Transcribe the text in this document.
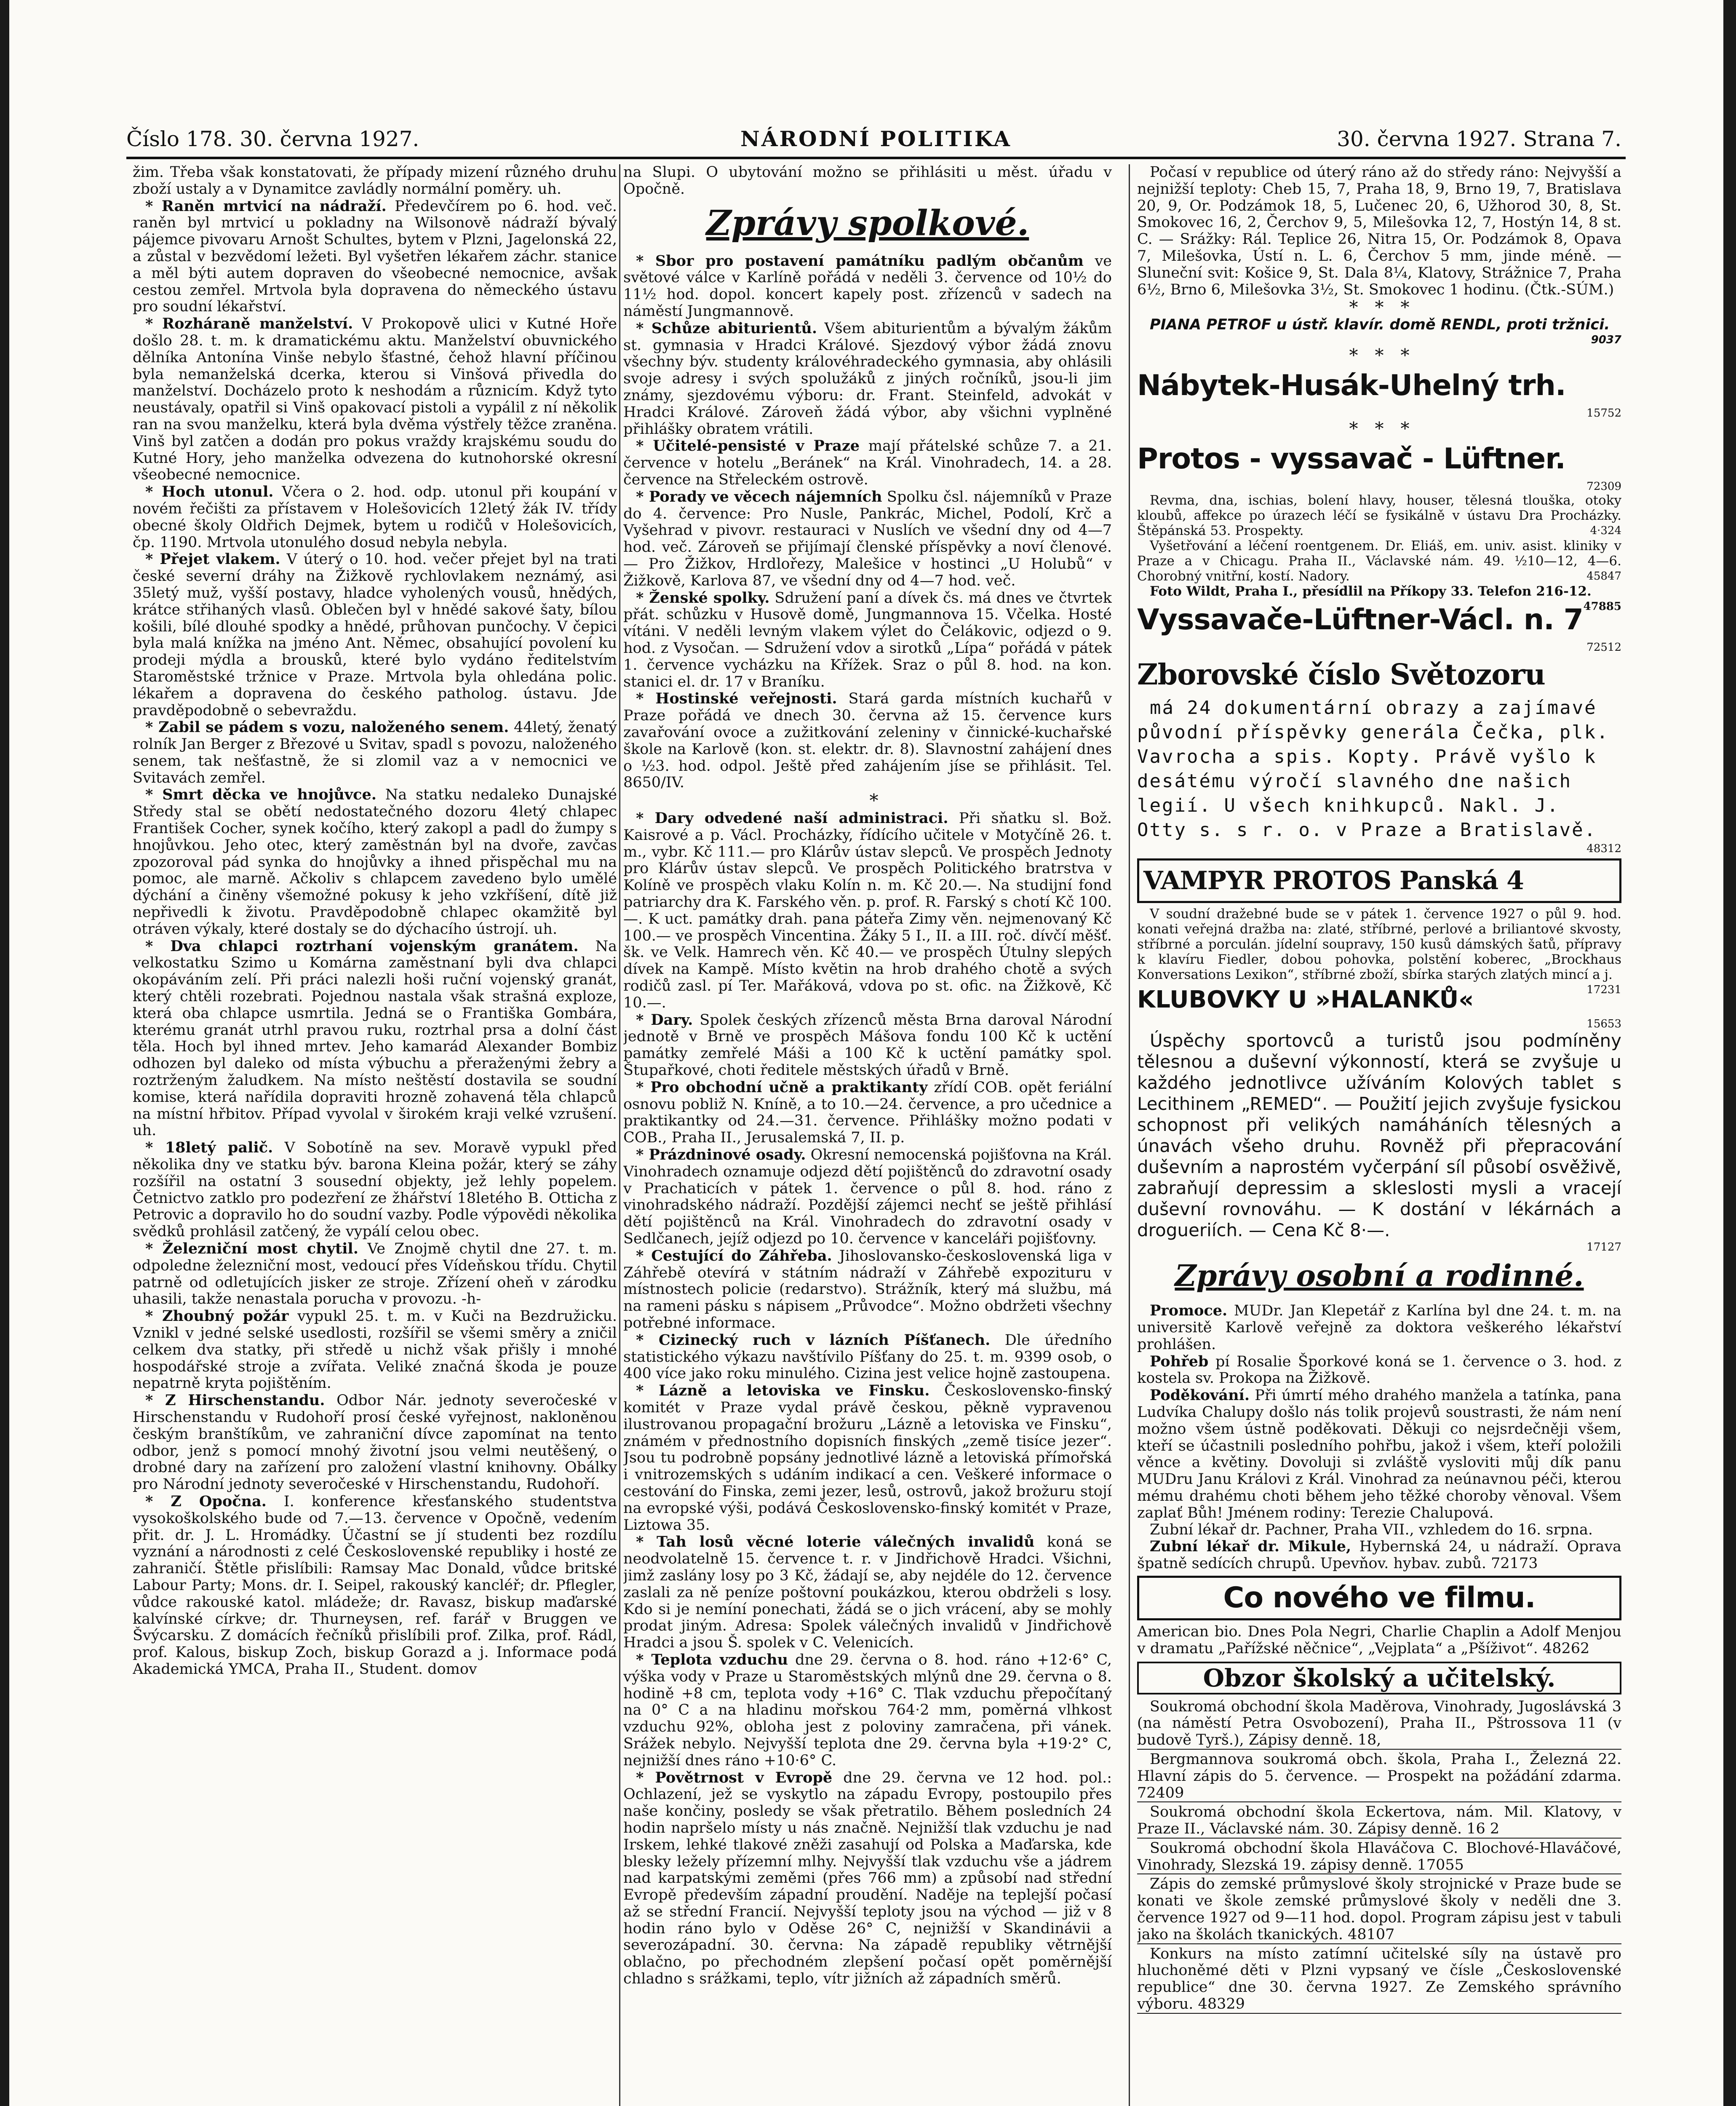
Číslo 178. 30. června 1927.	NÁRODNÍ POLITIKA	30. června 1927. Strana 7.

žim. Třeba však konstatovati, že případy mizení různého druhu zboží ustaly a v Dynamitce zavládly normální poměry. uh.

* Raněn mrtvicí na nádraží. Předevčírem po 6. hod. več. raněn byl mrtvicí u pokladny na Wilsonově nádraží bývalý pájemce pivovaru Arnošt Schultes, bytem v Plzni, Jagelonská 22, a zůstal v bezvědomí ležeti. Byl vyšetřen lékařem záchr. stanice a měl býti autem dopraven do všeobecné nemocnice, avšak cestou zemřel. Mrtvola byla dopravena do německého ústavu pro soudní lékařství.

* Rozháraně manželství. V Prokopově ulici v Kutné Hoře došlo 28. t. m. k dramatickému aktu. Manželství obuvnického dělníka Antonína Vinše nebylo šťastné, čehož hlavní příčinou byla nemanželská dcerka, kterou si Vinšová přivedla do manželství. Docházelo proto k neshodám a různicím. Když tyto neustávaly, opatřil si Vinš opakovací pistoli a vypálil z ní několik ran na svou manželku, která byla dvěma výstřely těžce zraněna. Vinš byl zatčen a dodán pro pokus vraždy krajskému soudu do Kutné Hory, jeho manželka odvezena do kutnohorské okresní všeobecné nemocnice.

* Hoch utonul. Včera o 2. hod. odp. utonul při koupání v novém řečišti za přístavem v Holešovicích 12letý žák IV. třídy obecné školy Oldřich Dejmek, bytem u rodičů v Holešovicích, čp. 1190. Mrtvola utonulého dosud nebyla nebyla.

* Přejet vlakem. V úterý o 10. hod. večer přejet byl na trati české severní dráhy na Žižkově rychlovlakem neznámý, asi 35letý muž, vyšší postavy, hladce vyholených vousů, hnědých, krátce střihaných vlasů. Oblečen byl v hnědé sakové šaty, bílou košili, bílé dlouhé spodky a hnědé, průhovan punčochy. V čepici byla malá knížka na jméno Ant. Němec, obsahující povolení ku prodeji mýdla a brousků, které bylo vydáno ředitelstvím Staroměstské tržnice v Praze. Mrtvola byla ohledána polic. lékařem a dopravena do českého patholog. ústavu. Jde pravděpodobně o sebevraždu.

* Zabil se pádem s vozu, naloženého senem. 44letý, ženatý rolník Jan Berger z Březové u Svitav, spadl s povozu, naloženého senem, tak nešťastně, že si zlomil vaz a v nemocnici ve Svitavách zemřel.

* Smrt děcka ve hnojůvce. Na statku nedaleko Dunajské Středy stal se obětí nedostatečného dozoru 4letý chlapec František Cocher, synek kočího, který zakopl a padl do žumpy s hnojůvkou. Jeho otec, který zaměstnán byl na dvoře, zavčas zpozoroval pád synka do hnojůvky a ihned přispěchal mu na pomoc, ale marně. Ačkoliv s chlapcem zavedeno bylo umělé dýchání a činěny všemožné pokusy k jeho vzkříšení, dítě již nepřivedli k životu. Pravděpodobně chlapec okamžitě byl otráven výkaly, které dostaly se do dýchacího ústrojí. uh.

* Dva chlapci roztrhaní vojenským granátem. Na velkostatku Szimo u Komárna zaměstnaní byli dva chlapci okopáváním zelí. Při práci nalezli hoši ruční vojenský granát, který chtěli rozebrati. Pojednou nastala však strašná exploze, která oba chlapce usmrtila. Jedná se o Františka Gombára, kterému granát utrhl pravou ruku, roztrhal prsa a dolní část těla. Hoch byl ihned mrtev. Jeho kamarád Alexander Bombiz odhozen byl daleko od místa výbuchu a přeraženými žebry a roztrženým žaludkem. Na místo neštěstí dostavila se soudní komise, která nařídila dopraviti hrozně zohavená těla chlapců na místní hřbitov. Případ vyvolal v širokém kraji velké vzrušení. uh.

* 18letý palič. V Sobotíně na sev. Moravě vypukl před několika dny ve statku býv. barona Kleina požár, který se záhy rozšířil na ostatní 3 sousední objekty, jež lehly popelem. Četnictvo zatklo pro podezření ze žhářství 18letého B. Otticha z Petrovic a dopravilo ho do soudní vazby. Podle výpovědi několika svědků prohlásil zatčený, že vypálí celou obec.

* Železniční most chytil. Ve Znojmě chytil dne 27. t. m. odpoledne železniční most, vedoucí přes Vídeňskou třídu. Chytil patrně od odletujících jisker ze stroje. Zřízení oheň v zárodku uhasili, takže nenastala porucha v provozu. -h-

* Zhoubný požár vypukl 25. t. m. v Kuči na Bezdružicku. Vznikl v jedné selské usedlosti, rozšířil se všemi směry a zničil celkem dva statky, při středě u nichž však přišly i mnohé hospodářské stroje a zvířata. Veliké značná škoda je pouze nepatrně kryta pojištěním.

* Z Hirschenstandu. Odbor Nár. jednoty severočeské v Hirschenstandu v Rudohoří prosí české vyřejnost, nakloněnou českým branštíkům, ve zahraniční dívce zapomínat na tento odbor, jenž s pomocí mnohý životní jsou velmi neutěšený, o drobné dary na zařízení pro založení vlastní knihovny. Obálky pro Národní jednoty severočeské v Hirschenstandu, Rudohoří.

* Z Opočna. I. konference křesťanského studentstva vysokoškolského bude od 7.—13. července v Opočně, vedením přit. dr. J. L. Hromádky. Účastní se jí studenti bez rozdílu vyznání a národnosti z celé Československé republiky i hosté ze zahraničí. Štětle přislíbili: Ramsay Mac Donald, vůdce britské Labour Party; Mons. dr. I. Seipel, rakouský kancléř; dr. Pflegler, vůdce rakouské katol. mládeže; dr. Ravasz, biskup maďarské kalvínské církve; dr. Thurneysen, ref. farář v Bruggen ve Švýcarsku. Z domácích řečníků přislíbili prof. Zilka, prof. Rádl, prof. Kalous, biskup Zoch, biskup Gorazd a j. Informace podá Akademická YMCA, Praha II., Student. domov

na Slupi. O ubytování možno se přihlásiti u měst. úřadu v Opočně.

Zprávy spolkové.

* Sbor pro postavení památníku padlým občanům ve světové válce v Karlíně pořádá v neděli 3. července od 10½ do 11½ hod. dopol. koncert kapely post. zřízenců v sadech na náměstí Jungmannově.

* Schůze abiturientů. Všem abiturientům a bývalým žákům st. gymnasia v Hradci Králové. Sjezdový výbor žádá znovu všechny býv. studenty královéhradeckého gymnasia, aby ohlásili svoje adresy i svých spolužáků z jiných ročníků, jsou-li jim známy, sjezdovému výboru: dr. Frant. Steinfeld, advokát v Hradci Králové. Zároveň žádá výbor, aby všichni vyplněné přihlášky obratem vrátili.

* Učitelé-pensisté v Praze mají přátelské schůze 7. a 21. července v hotelu „Beránek“ na Král. Vinohradech, 14. a 28. července na Střeleckém ostrově.

* Porady ve věcech nájemních Spolku čsl. nájemníků v Praze do 4. července: Pro Nusle, Pankrác, Michel, Podolí, Krč a Vyšehrad v pivovr. restauraci v Nuslích ve všední dny od 4—7 hod. več. Zároveň se přijímají členské příspěvky a noví členové. — Pro Žižkov, Hrdlořezy, Malešice v hostinci „U Holubů“ v Žižkově, Karlova 87, ve všední dny od 4—7 hod. več.

* Ženské spolky. Sdružení paní a dívek čs. má dnes ve čtvrtek přát. schůzku v Husově domě, Jungmannova 15. Včelka. Hosté vítáni. V neděli levným vlakem výlet do Čelákovic, odjezd o 9. hod. z Vysočan. — Sdružení vdov a sirotků „Lípa“ pořádá v pátek 1. července vycházku na Křížek. Sraz o půl 8. hod. na kon. stanici el. dr. 17 v Braníku.

* Hostinské veřejnosti. Stará garda místních kuchařů v Praze pořádá ve dnech 30. června až 15. července kurs zavařování ovoce a zužitkování zeleniny v činnické-kuchařské škole na Karlově (kon. st. elektr. dr. 8). Slavnostní zahájení dnes o ½3. hod. odpol. Ještě před zahájením jíse se přihlásit. Tel. 8650/IV.

*

* Dary odvedené naší administraci. Při sňatku sl. Bož. Kaisrové a p. Václ. Procházky, řídícího učitele v Motyčíně 26. t. m., vybr. Kč 111.— pro Klárův ústav slepců. Ve prospěch Jednoty pro Klárův ústav slepců. Ve prospěch Politického bratrstva v Kolíně ve prospěch vlaku Kolín n. m. Kč 20.—. Na studijní fond patriarchy dra K. Farského věn. p. prof. R. Farský s chotí Kč 100.—. K uct. památky drah. pana páteřa Zimy věn. nejmenovaný Kč 100.— ve prospěch Vincentina. Žáky 5 I., II. a III. roč. dívčí měšť. šk. ve Velk. Hamrech věn. Kč 40.— ve prospěch Útulny slepých dívek na Kampě. Místo květin na hrob drahého chotě a svých rodičů zasl. pí Ter. Mařáková, vdova po st. ofic. na Žižkově, Kč 10.—.

* Dary. Spolek českých zřízenců města Brna daroval Národní jednotě v Brně ve prospěch Mášova fondu 100 Kč k uctění památky zemřelé Máši a 100 Kč k uctění památky spol. Štupařkové, choti ředitele městských úřadů v Brně.

* Pro obchodní učně a praktikanty zřídí COB. opět feriální osnovu pobliž N. Kníně, a to 10.—24. července, a pro učednice a praktikantky od 24.—31. července. Přihlášky možno podati v COB., Praha II., Jerusalemská 7, II. p.

* Prázdninové osady. Okresní nemocenská pojišťovna na Král. Vinohradech oznamuje odjezd dětí pojištěnců do zdravotní osady v Prachaticích v pátek 1. července o půl 8. hod. ráno z vinohradského nádraží. Pozdější zájemci nechť se ještě přihlásí dětí pojištěnců na Král. Vinohradech do zdravotní osady v Sedlčanech, jejíž odjezd po 10. července v kanceláři pojišťovny.

* Cestující do Záhřeba. Jihoslovansko-československá liga v Záhřebě otevírá v státním nádraží v Záhřebě expozituru v místnostech policie (redarstvo). Strážník, který má službu, má na rameni pásku s nápisem „Průvodce“. Možno obdržeti všechny potřebné informace.

* Cizinecký ruch v lázních Píšťanech. Dle úředního statistického výkazu navštívilo Píšťany do 25. t. m. 9399 osob, o 400 více jako roku minulého. Cizina jest velice hojně zastoupena.

* Lázně a letoviska ve Finsku. Československo-finský komitét v Praze vydal právě českou, pěkně vypravenou ilustrovanou propagační brožuru „Lázně a letoviska ve Finsku“, známém v přednostního dopisních finských „země tisíce jezer“. Jsou tu podrobně popsány jednotlivé lázně a letoviská přímořská i vnitrozemských s udáním indikací a cen. Veškeré informace o cestování do Finska, zemi jezer, lesů, ostrovů, jakož brožuru stojí na evropské výši, podává Československo-finský komitét v Praze, Liztowa 35.

* Tah losů věcné loterie válečných invalidů koná se neodvolatelně 15. července t. r. v Jindřichově Hradci. Všichni, jimž zaslány losy po 3 Kč, žádají se, aby nejdéle do 12. července zaslali za ně peníze poštovní poukázkou, kterou obdrželi s losy. Kdo si je nemíní ponechati, žádá se o jich vrácení, aby se mohly prodat jiným. Adresa: Spolek válečných invalidů v Jindřichově Hradci a jsou Š. spolek v C. Velenicích.

* Teplota vzduchu dne 29. června o 8. hod. ráno +12·6° C, výška vody v Praze u Staroměstských mlýnů dne 29. června o 8. hodině +8 cm, teplota vody +16° C. Tlak vzduchu přepočítaný na 0° C a na hladinu mořskou 764·2 mm, poměrná vlhkost vzduchu 92%, obloha jest z poloviny zamračena, při vánek. Srážek nebylo. Nejvyšší teplota dne 29. června byla +19·2° C, nejnižší dnes ráno +10·6° C.

* Povětrnost v Evropě dne 29. června ve 12 hod. pol.: Ochlazení, jež se vyskytlo na západu Evropy, postoupilo přes naše končiny, posledy se však přetratilo. Během posledních 24 hodin napršelo místy u nás značně. Nejnižší tlak vzduchu je nad Irskem, lehké tlakové zněži zasahují od Polska a Maďarska, kde blesky ležely přízemní mlhy. Nejvyšší tlak vzduchu vše a jádrem nad karpatskými zeměmi (přes 766 mm) a způsobí nad střední Evropě především západní proudění. Naděje na teplejší počasí až se střední Francií. Nejvyšší teploty jsou na východ — již v 8 hodin ráno bylo v Oděse 26° C, nejnižší v Skandinávii a severozápadní. 30. června: Na západě republiky větrnější oblačno, po přechodném zlepšení počasí opět poměrnější chladno s srážkami, teplo, vítr jižních až západních směrů.

Počasí v republice od úterý ráno až do středy ráno: Nejvyšší a nejnižší teploty: Cheb 15, 7, Praha 18, 9, Brno 19, 7, Bratislava 20, 9, Or. Podzámok 18, 5, Lučenec 20, 6, Užhorod 30, 8, St. Smokovec 16, 2, Čerchov 9, 5, Milešovka 12, 7, Hostýn 14, 8 st. C. — Srážky: Rál. Teplice 26, Nitra 15, Or. Podzámok 8, Opava 7, Milešovka, Ústí n. L. 6, Čerchov 5 mm, jinde méně. — Sluneční svit: Košice 9, St. Dala 8¼, Klatovy, Strážnice 7, Praha 6½, Brno 6, Milešovka 3½, St. Smokovec 1 hodinu. (Čtk.-SÚM.)

*   *   *

PIANA PETROF u ústř. klavír. domě RENDL, proti tržnici.
9037

*   *   *
Nábytek-Husák-Uhelný trh.
15752
*   *   *
Protos - vyssavač - Lüftner.
72309

Revma, dna, ischias, bolení hlavy, houser, tělesná tlouška, otoky kloubů, affekce po úrazech léčí se fysikálně v ústavu Dra Procházky. Štěpánská 53. Prospekty.	4·324

Vyšetřování a léčení roentgenem. Dr. Eliáš, em. univ. asist. kliniky v Praze a v Chicagu. Praha II., Václavské nám. 49. ½10—12, 4—6. Chorobný vnitřní, kostí. Nadory.	45847

Foto Wildt, Praha I., přesídlil na Příkopy 33. Telefon 216-12.
47885

Vyssavače-Lüftner-Václ. n. 7
72512
Zborovské číslo Světozoru

má 24 dokumentární obrazy a zajímavé původní příspěvky generála Čečka, plk. Vavrocha a spis. Kopty. Právě vyšlo k desátému výročí slavného dne našich legií. U všech knihkupců. Nakl. J. Otty s. s r. o. v Praze a Bratislavě.

48312
VAMPYR PROTOS Panská 4

V soudní dražebné bude se v pátek 1. července 1927 o půl 9. hod. konati veřejná dražba na: zlaté, stříbrné, perlové a briliantové skvosty, stříbrné a porculán. jídelní soupravy, 150 kusů dámských šatů, přípravy k klavíru Fiedler, dobou pohovka, polstění koberec, „Brockhaus Konversations Lexikon“, stříbrné zboží, sbírka starých zlatých mincí a j.
17231

KLUBOVKY U »HALANKŮ«
15653

Úspěchy sportovců a turistů jsou podmíněny tělesnou a duševní výkonností, která se zvyšuje u každého jednotlivce užíváním Kolových tablet s Lecithinem „REMED“. — Použití jejich zvyšuje fysickou schopnost při velikých namáháních tělesných a únavách všeho druhu. Rovněž při přepracování duševním a naprostém vyčerpání síl působí osvěživě, zabraňují depressim a skleslosti mysli a vracejí duševní rovnováhu. — K dostání v lékárnách a drogueriích. — Cena Kč 8·—.

17127
Zprávy osobní a rodinné.

Promoce. MUDr. Jan Klepetář z Karlína byl dne 24. t. m. na universitě Karlově veřejně za doktora veškerého lékařství prohlášen.

Pohřeb pí Rosalie Šporkové koná se 1. července o 3. hod. z kostela sv. Prokopa na Žižkově.

Poděkování. Při úmrtí mého drahého manžela a tatínka, pana Ludvíka Chalupy došlo nás tolik projevů soustrasti, že nám není možno všem ústně poděkovati. Děkuji co nejsrdečněji všem, kteří se účastnili posledního pohřbu, jakož i všem, kteří položili věnce a květiny. Dovoluji si zvláště vysloviti můj dík panu MUDru Janu Královi z Král. Vinohrad za neúnavnou péči, kterou mému drahému choti během jeho těžké choroby věnoval. Všem zaplať Bůh! Jménem rodiny: Terezie Chalupová.

Zubní lékař dr. Pachner, Praha VII., vzhledem do 16. srpna.

Zubní lékař dr. Mikule, Hybernská 24, u nádraží. Oprava špatně sedících chrupů. Upevňov. hybav. zubů. 72173

Co nového ve filmu.

American bio. Dnes Pola Negri, Charlie Chaplin a Adolf Menjou v dramatu „Pařížské něčnice“, „Vejplata“ a „Pšíživot“. 48262

Obzor školský a učitelský.

Soukromá obchodní škola Maděrova, Vinohrady, Jugoslávská 3 (na náměstí Petra Osvobození), Praha II., Pštrossova 11 (v budově Tyrš.), Zápisy denně. 18,

Bergmannova soukromá obch. škola, Praha I., Železná 22. Hlavní zápis do 5. července. — Prospekt na požádání zdarma. 72409

Soukromá obchodní škola Eckertova, nám. Mil. Klatovy, v Praze II., Václavské nám. 30. Zápisy denně. 16 2

Soukromá obchodní škola Hlaváčova C. Blochové-Hlaváčové, Vinohrady, Slezská 19. zápisy denně. 17055

Zápis do zemské průmyslové školy strojnické v Praze bude se konati ve škole zemské průmyslové školy v neděli dne 3. července 1927 od 9—11 hod. dopol. Program zápisu jest v tabuli jako na školách tkanických. 48107

Konkurs na místo zatímní učitelské síly na ústavě pro hluchoněmé děti v Plzni vypsaný ve čísle „Československé republice“ dne 30. června 1927. Ze Zemského správního výboru. 48329
